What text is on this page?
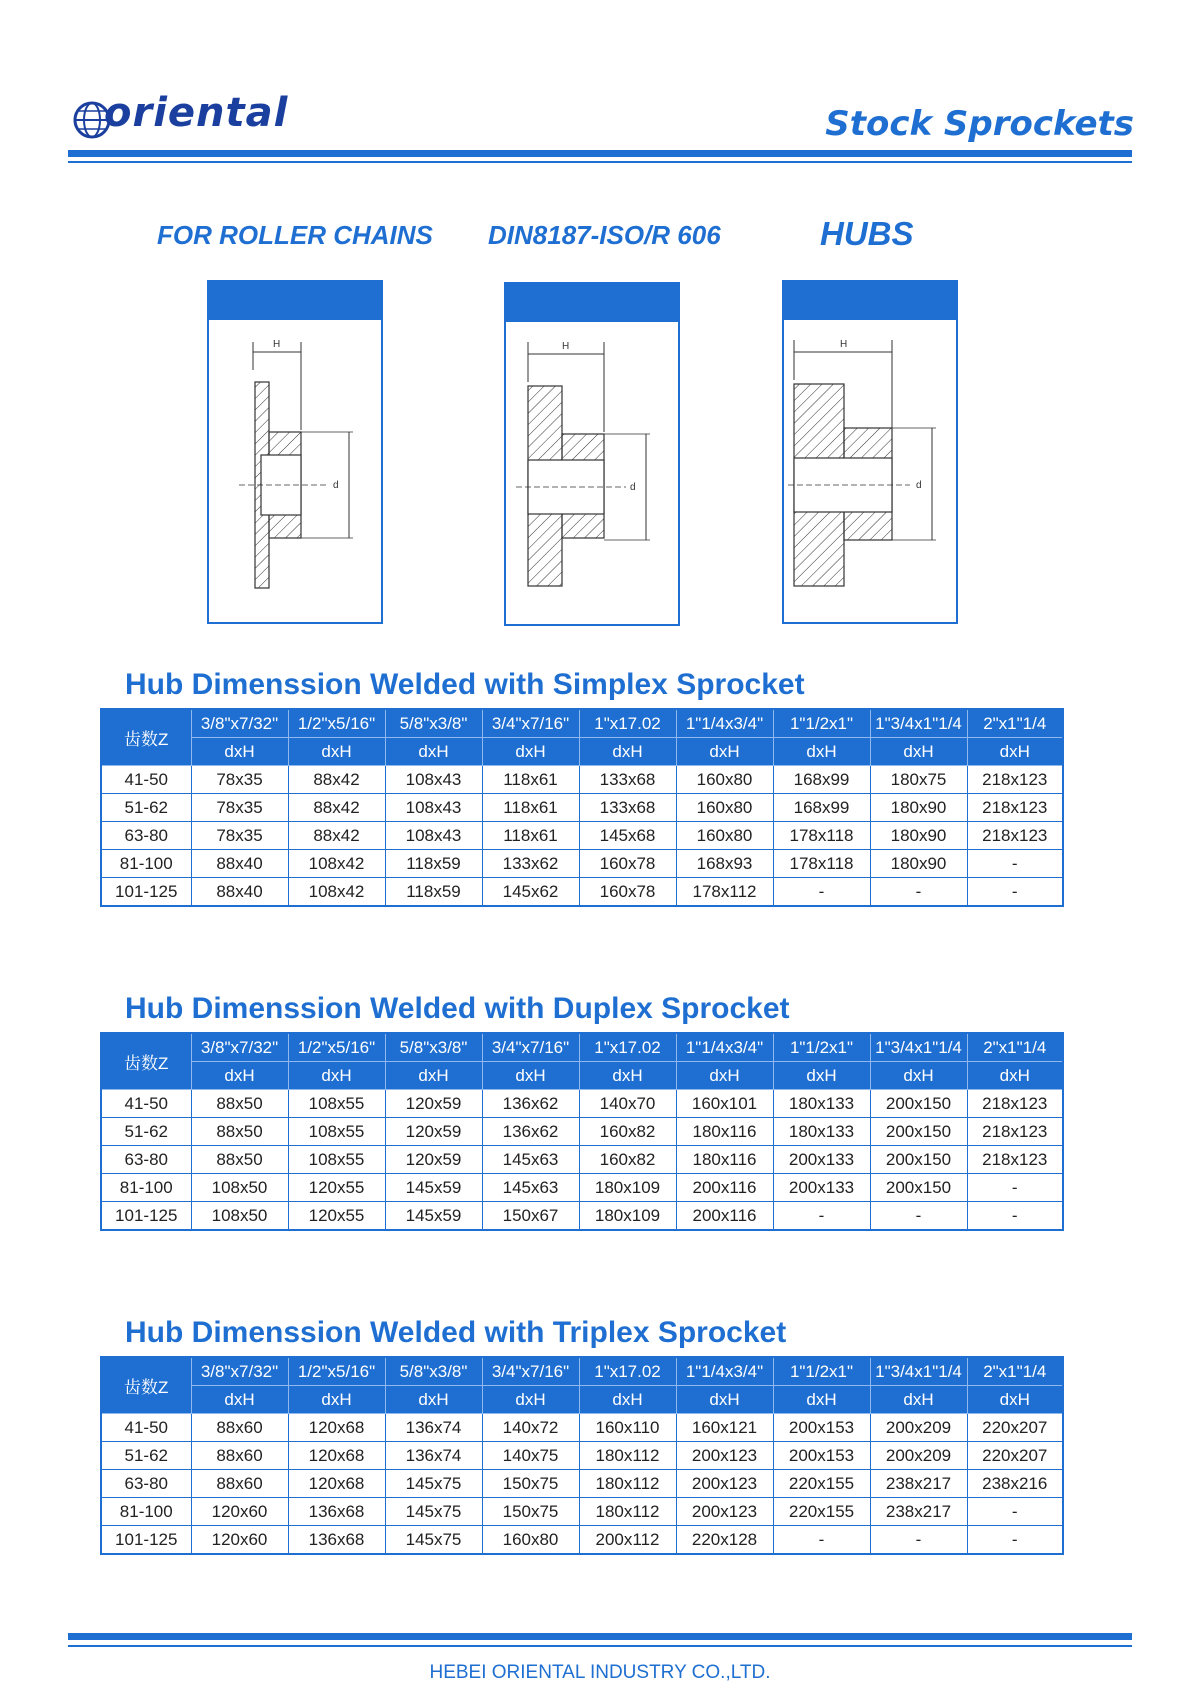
oriental	Stock Sprockets
FOR ROLLER CHAINS DIN8187-ISO/R 606	HUBS
H
d
H
d
H
d
Hub Dimenssion Welded with Simplex Sprocket
Hub Dimenssion Welded with Duplex Sprocket
Hub Dimenssion Welded with Triplex Sprocket
齿数Z	3/8"x7/32"	1/2"x5/16"	5/8"x3/8"	3/4"x7/16"	1"x17.02	1"1/4x3/4"	1"1/2x1"	1"3/4x1"1/4	2"x1"1/4
	dxH	dxH	dxH	dxH	dxH	dxH	dxH	dxH	dxH
41-50	78x35	88x42	108x43	118x61	133x68	160x80	168x99	180x75	218x123
51-62	78x35	88x42	108x43	118x61	133x68	160x80	168x99	180x90	218x123
63-80	78x35	88x42	108x43	118x61	145x68	160x80	178x118	180x90	218x123
81-100	88x40	108x42	118x59	133x62	160x78	168x93	178x118	180x90	-
101-125	88x40	108x42	118x59	145x62	160x78	178x112	-	-	-
齿数Z	3/8"x7/32"	1/2"x5/16"	5/8"x3/8"	3/4"x7/16"	1"x17.02	1"1/4x3/4"	1"1/2x1"	1"3/4x1"1/4	2"x1"1/4
	dxH	dxH	dxH	dxH	dxH	dxH	dxH	dxH	dxH
41-50	88x50	108x55	120x59	136x62	140x70	160x101	180x133	200x150	218x123
51-62	88x50	108x55	120x59	136x62	160x82	180x116	180x133	200x150	218x123
63-80	88x50	108x55	120x59	145x63	160x82	180x116	200x133	200x150	218x123
81-100	108x50	120x55	145x59	145x63	180x109	200x116	200x133	200x150	-
101-125	108x50	120x55	145x59	150x67	180x109	200x116	-	-	-
齿数Z	3/8"x7/32"	1/2"x5/16"	5/8"x3/8"	3/4"x7/16"	1"x17.02	1"1/4x3/4"	1"1/2x1"	1"3/4x1"1/4	2"x1"1/4
	dxH	dxH	dxH	dxH	dxH	dxH	dxH	dxH	dxH
41-50	88x60	120x68	136x74	140x72	160x110	160x121	200x153	200x209	220x207
51-62	88x60	120x68	136x74	140x75	180x112	200x123	200x153	200x209	220x207
63-80	88x60	120x68	145x75	150x75	180x112	200x123	220x155	238x217	238x216
81-100	120x60	136x68	145x75	150x75	180x112	200x123	220x155	238x217	-
101-125	120x60	136x68	145x75	160x80	200x112	220x128	-	-	-
HEBEI ORIENTAL INDUSTRY CO.,LTD.
